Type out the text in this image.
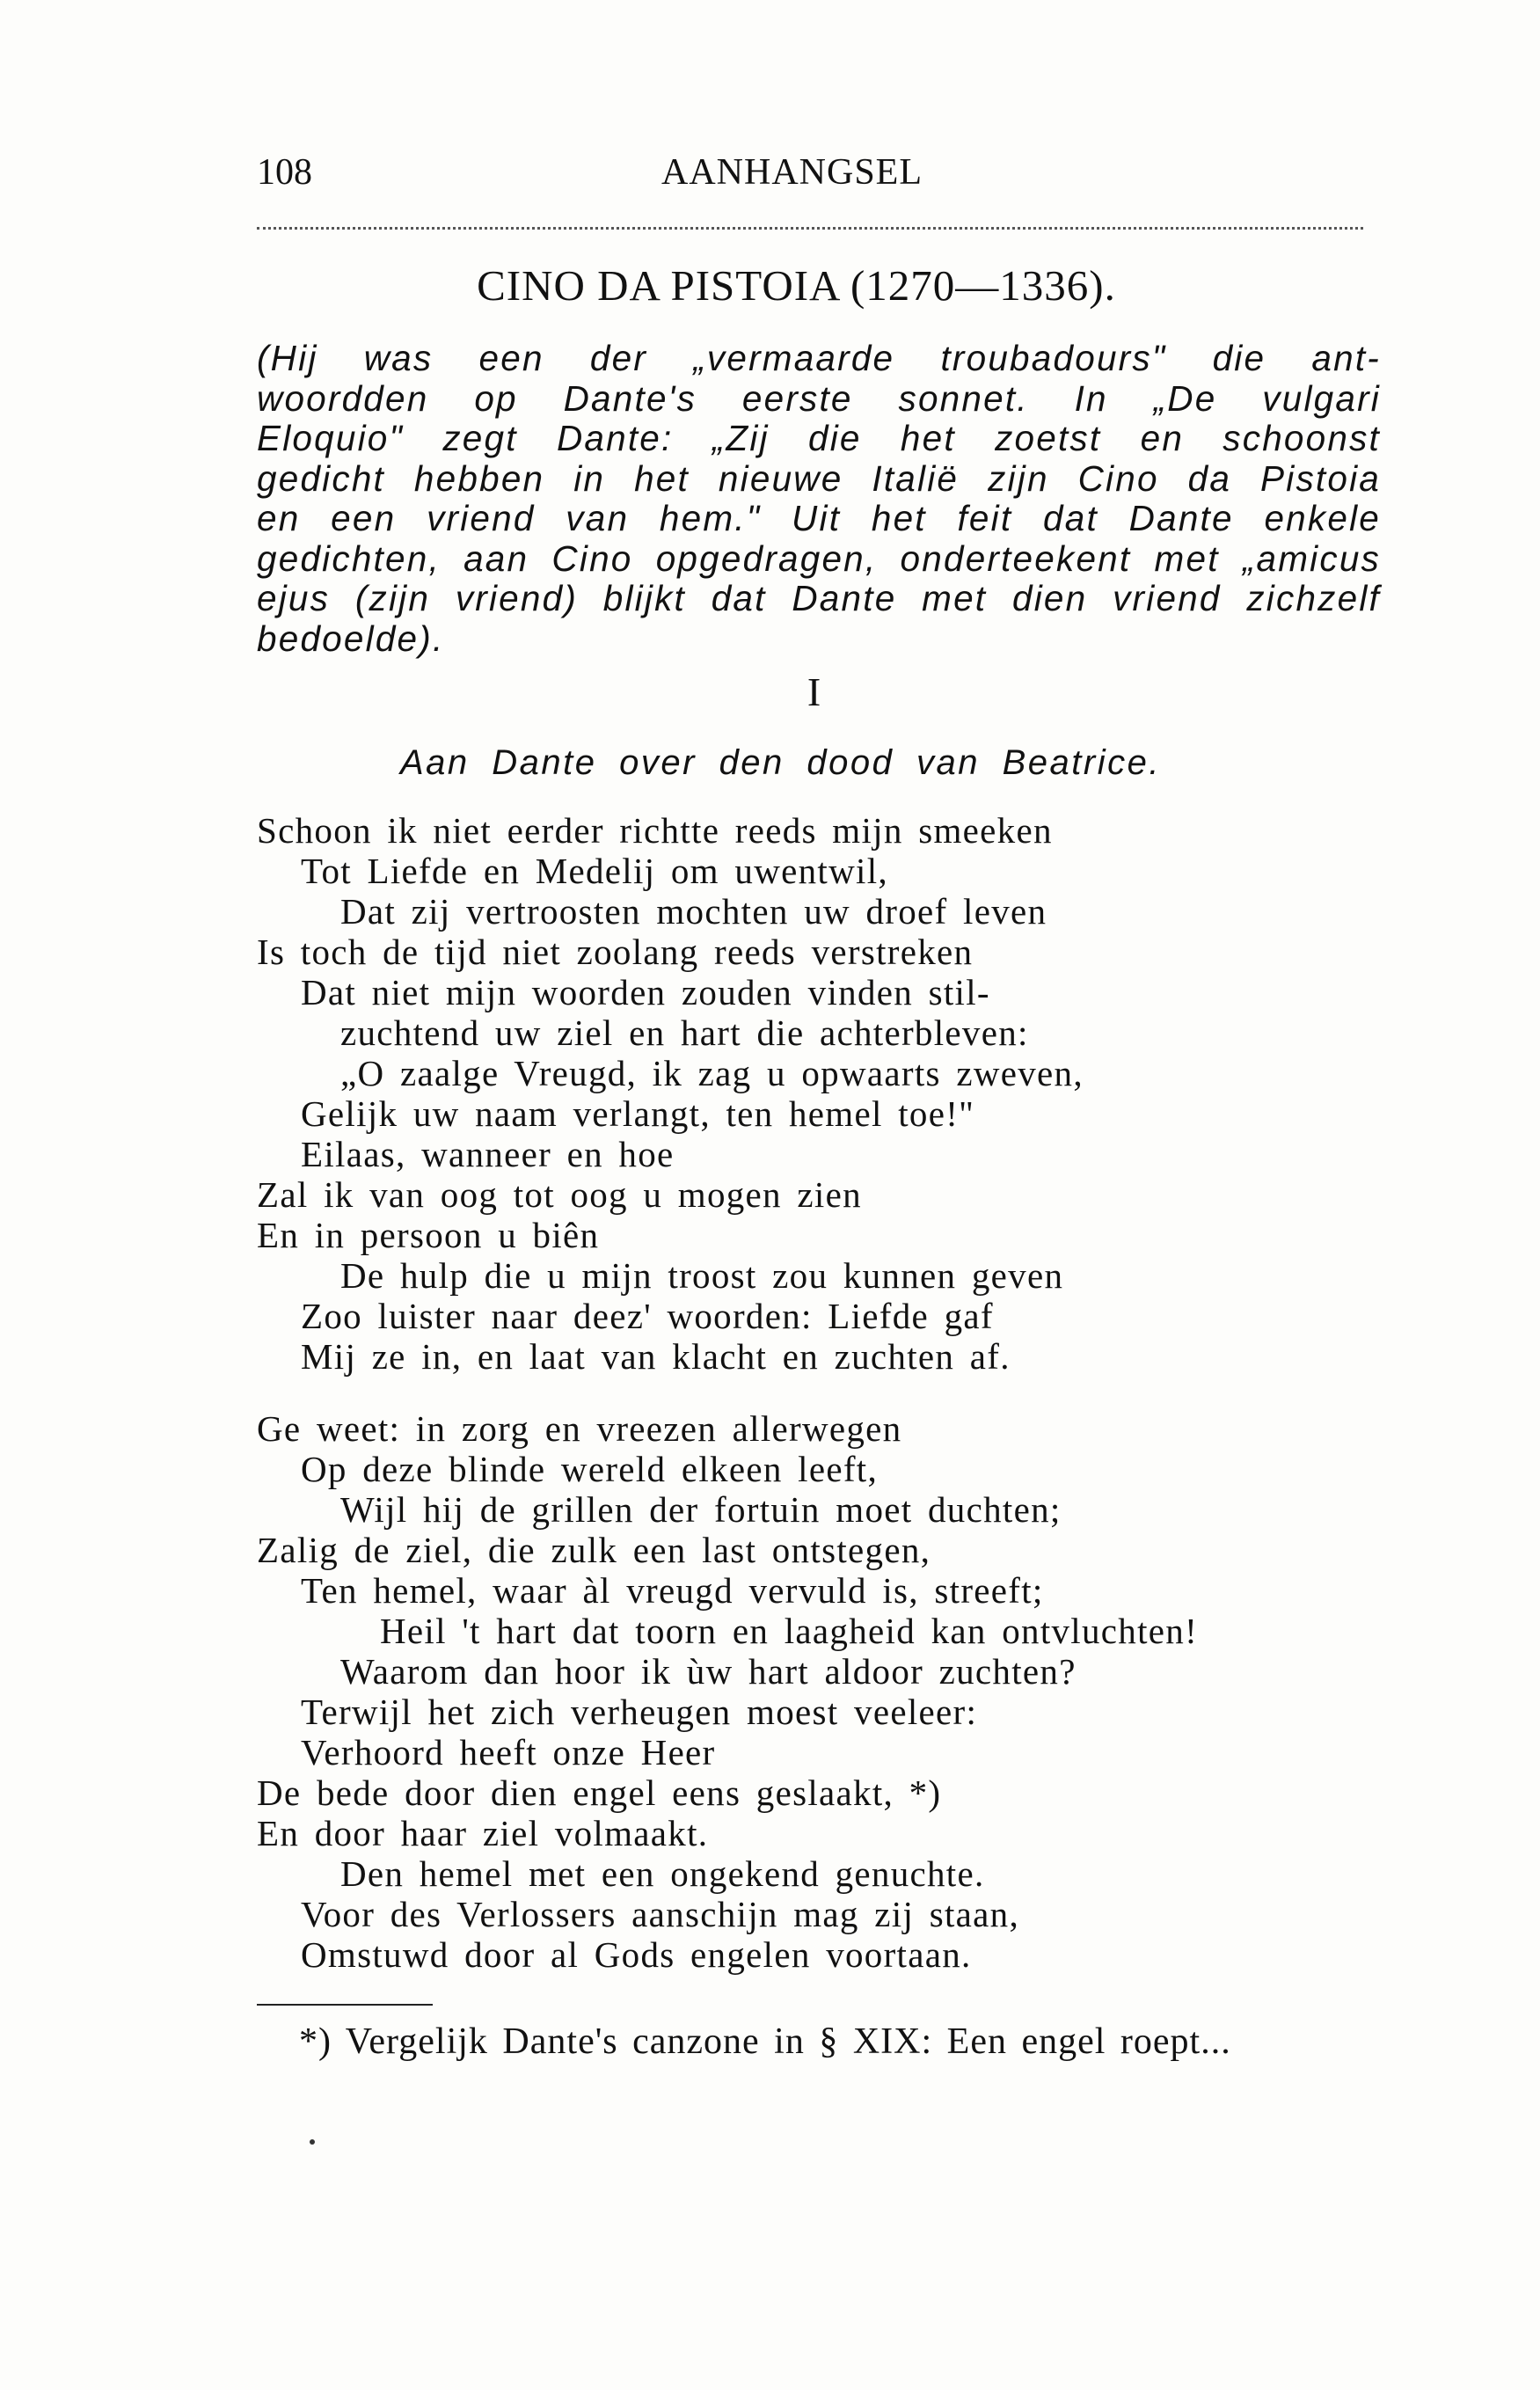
108	AANHANGSEL
CINO DA PISTOIA (1270—1336).
(Hij was een der „vermaarde troubadours" die ant-
woordden op Dante's eerste sonnet. In „De vulgari
Eloquio" zegt Dante: „Zij die het zoetst en schoonst
gedicht hebben in het nieuwe Italië zijn Cino da Pistoia
en een vriend van hem." Uit het feit dat Dante enkele
gedichten, aan Cino opgedragen, onderteekent met „amicus
ejus (zijn vriend) blijkt dat Dante met dien vriend zichzelf
bedoelde).
I
Aan Dante over den dood van Beatrice.
Schoon ik niet eerder richtte reeds mijn smeeken
Tot Liefde en Medelij om uwentwil,
Dat zij vertroosten mochten uw droef leven
Is toch de tijd niet zoolang reeds verstreken
Dat niet mijn woorden zouden vinden stil-
zuchtend uw ziel en hart die achterbleven:
„O zaalge Vreugd, ik zag u opwaarts zweven,
Gelijk uw naam verlangt, ten hemel toe!"
Eilaas, wanneer en hoe
Zal ik van oog tot oog u mogen zien
En in persoon u biên
De hulp die u mijn troost zou kunnen geven
Zoo luister naar deez' woorden: Liefde gaf
Mij ze in, en laat van klacht en zuchten af.
Ge weet: in zorg en vreezen allerwegen
Op deze blinde wereld elkeen leeft,
Wijl hij de grillen der fortuin moet duchten;
Zalig de ziel, die zulk een last ontstegen,
Ten hemel, waar àl vreugd vervuld is, streeft;
Heil 't hart dat toorn en laagheid kan ontvluchten!
Waarom dan hoor ik ùw hart aldoor zuchten?
Terwijl het zich verheugen moest veeleer:
Verhoord heeft onze Heer
De bede door dien engel eens geslaakt, *)
En door haar ziel volmaakt.
Den hemel met een ongekend genuchte.
Voor des Verlossers aanschijn mag zij staan,
Omstuwd door al Gods engelen voortaan.
*) Vergelijk Dante's canzone in § XIX: Een engel roept...
